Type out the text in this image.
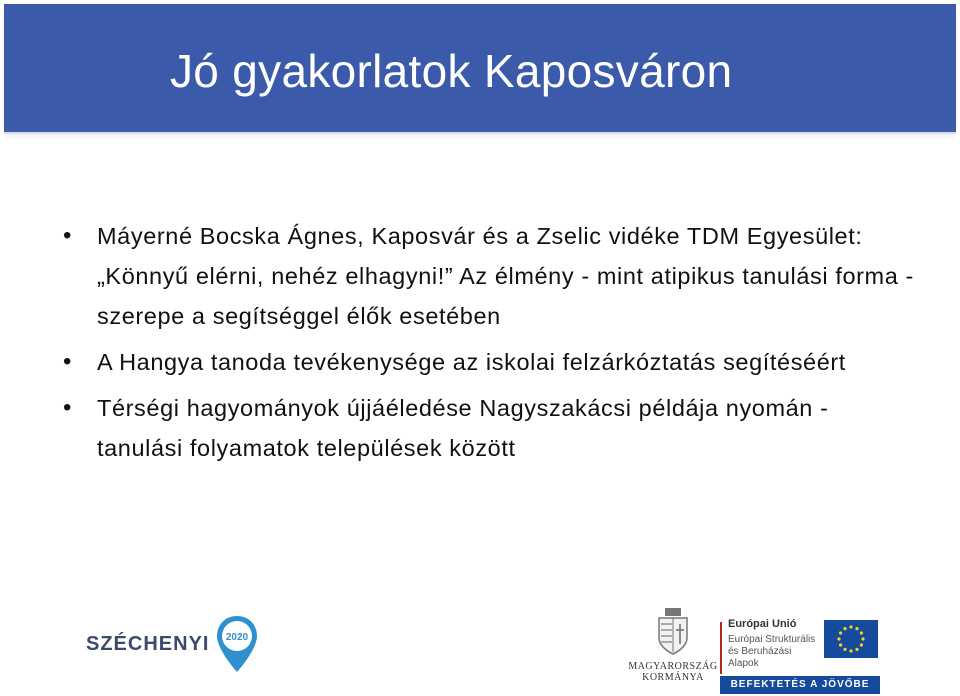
Jó gyakorlatok Kaposváron
• Máyerné Bocska Ágnes, Kaposvár és a Zselic vidéke TDM Egyesület: „Könnyű elérni, nehéz elhagyni!” Az élmény - mint atipikus tanulási forma - szerepe a segítséggel élők esetében
• A Hangya tanoda tevékenysége az iskolai felzárkóztatás segítéséért
• Térségi hagyományok újjáéledése Nagyszakácsi példája nyomán - tanulási folyamatok települések között
SZÉCHENYI 2020
MAGYARORSZÁG
KORMÁNYA
Európai Unió
Európai Strukturális és Beruházási Alapok
BEFEKTETÉS A JÖVŐBE
